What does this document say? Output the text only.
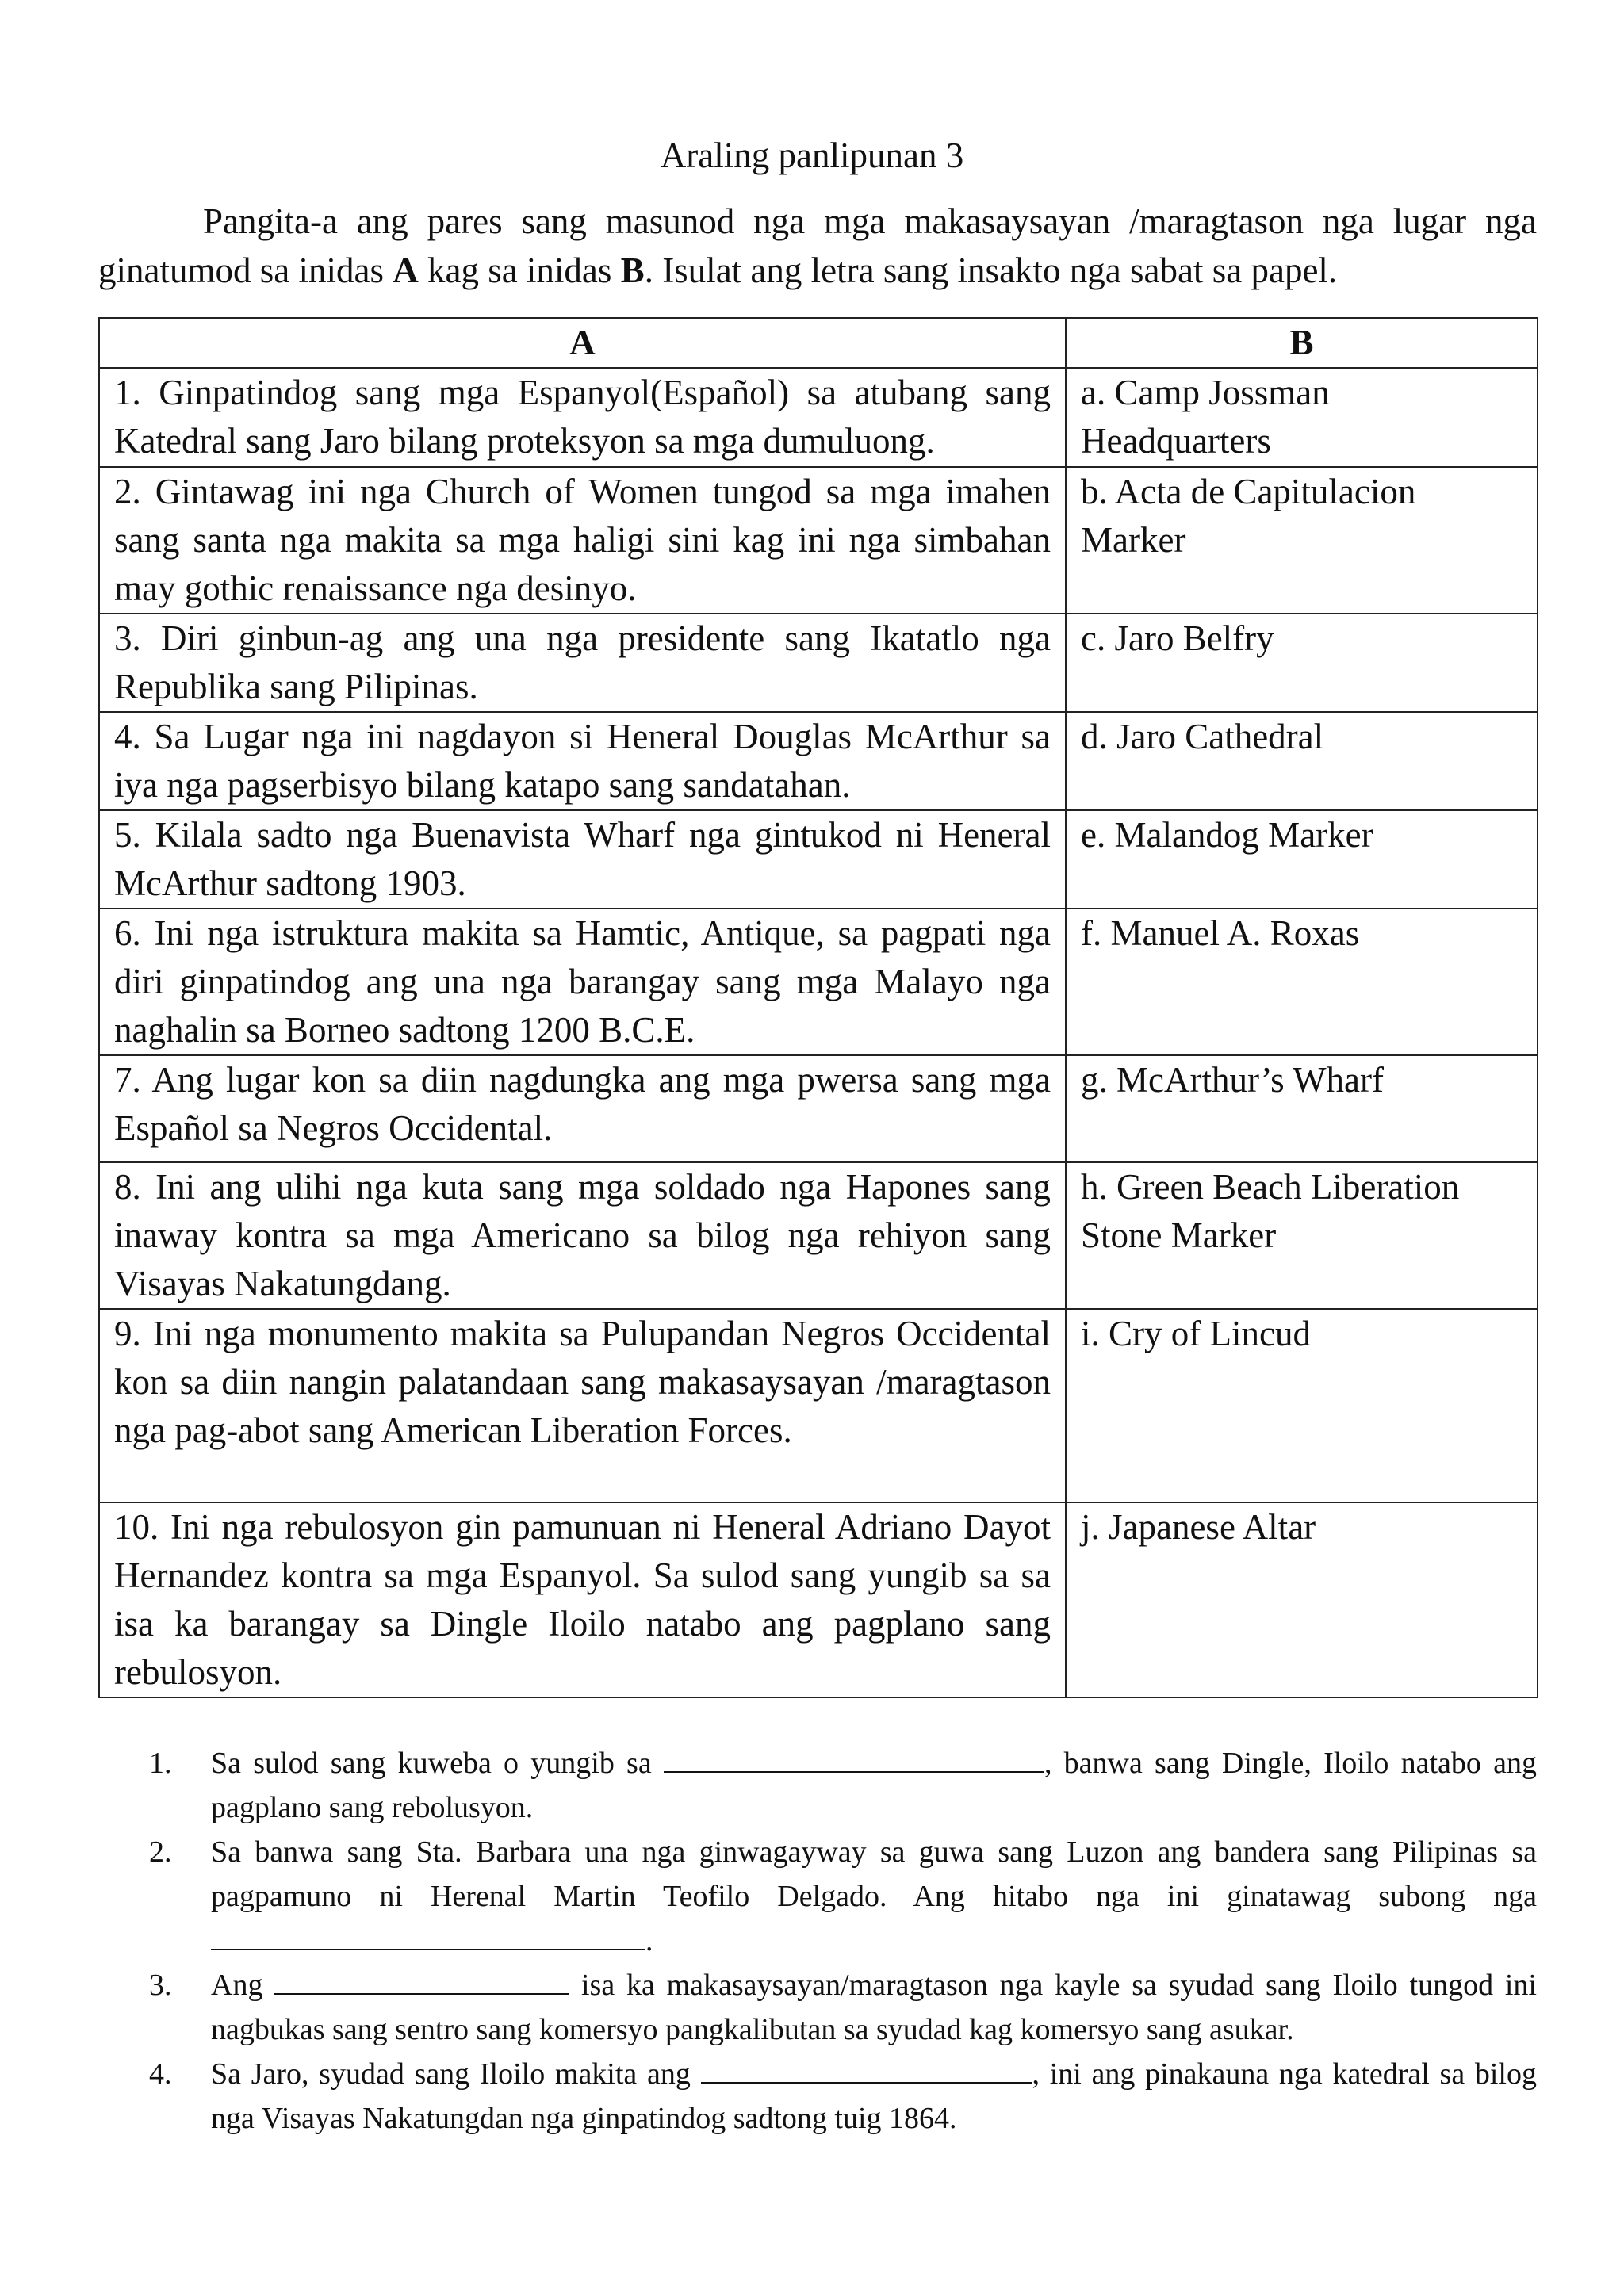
Araling panlipunan 3

Pangita-a ang pares sang masunod nga mga makasaysayan /maragtason nga lugar nga ginatumod sa inidas A kag sa inidas B. Isulat ang letra sang insakto nga sabat sa papel.

A	B
1. Ginpatindog sang mga Espanyol(Español) sa atubang sang Katedral sang Jaro bilang proteksyon sa mga dumuluong.	a. Camp Jossman Headquarters
2. Gintawag ini nga Church of Women tungod sa mga imahen sang santa nga makita sa mga haligi sini kag ini nga simbahan may gothic renaissance nga desinyo.	b. Acta de Capitulacion Marker
3. Diri ginbun-ag ang una nga presidente sang Ikatatlo nga Republika sang Pilipinas.	c. Jaro Belfry
4. Sa Lugar nga ini nagdayon si Heneral Douglas McArthur sa iya nga pagserbisyo bilang katapo sang sandatahan.	d. Jaro Cathedral
5. Kilala sadto nga Buenavista Wharf nga gintukod ni Heneral McArthur sadtong 1903.	e. Malandog Marker
6. Ini nga istruktura makita sa Hamtic, Antique, sa pagpati nga diri ginpatindog ang una nga barangay sang mga Malayo nga naghalin sa Borneo sadtong 1200 B.C.E.	f. Manuel A. Roxas
7. Ang lugar kon sa diin nagdungka ang mga pwersa sang mga Español sa Negros Occidental.	g. McArthur’s Wharf
8. Ini ang ulihi nga kuta sang mga soldado nga Hapones sang inaway kontra sa mga Americano sa bilog nga rehiyon sang Visayas Nakatungdang.	h. Green Beach Liberation Stone Marker
9. Ini nga monumento makita sa Pulupandan Negros Occidental kon sa diin nangin palatandaan sang makasaysayan /maragtason nga pag-abot sang American Liberation Forces.	i. Cry of Lincud
10. Ini nga rebulosyon gin pamunuan ni Heneral Adriano Dayot Hernandez kontra sa mga Espanyol. Sa sulod sang yungib sa sa isa ka barangay sa Dingle Iloilo natabo ang pagplano sang rebulosyon.	j. Japanese Altar
1. Sa sulod sang kuweba o yungib sa	, banwa sang Dingle, Iloilo natabo ang pagplano sang rebolusyon.
2. Sa banwa sang Sta. Barbara una nga ginwagayway sa guwa sang Luzon ang bandera sang Pilipinas sa pagpamuno ni Herenal Martin Teofilo Delgado. Ang hitabo nga ini ginatawag subong nga .
3. Ang	isa ka makasaysayan/maragtason nga kayle sa syudad sang Iloilo tungod ini nagbukas sang sentro sang komersyo pangkalibutan sa syudad kag komersyo sang asukar.
4. Sa Jaro, syudad sang Iloilo makita ang	, ini ang pinakauna nga katedral sa bilog nga Visayas Nakatungdan nga ginpatindog sadtong tuig 1864.
